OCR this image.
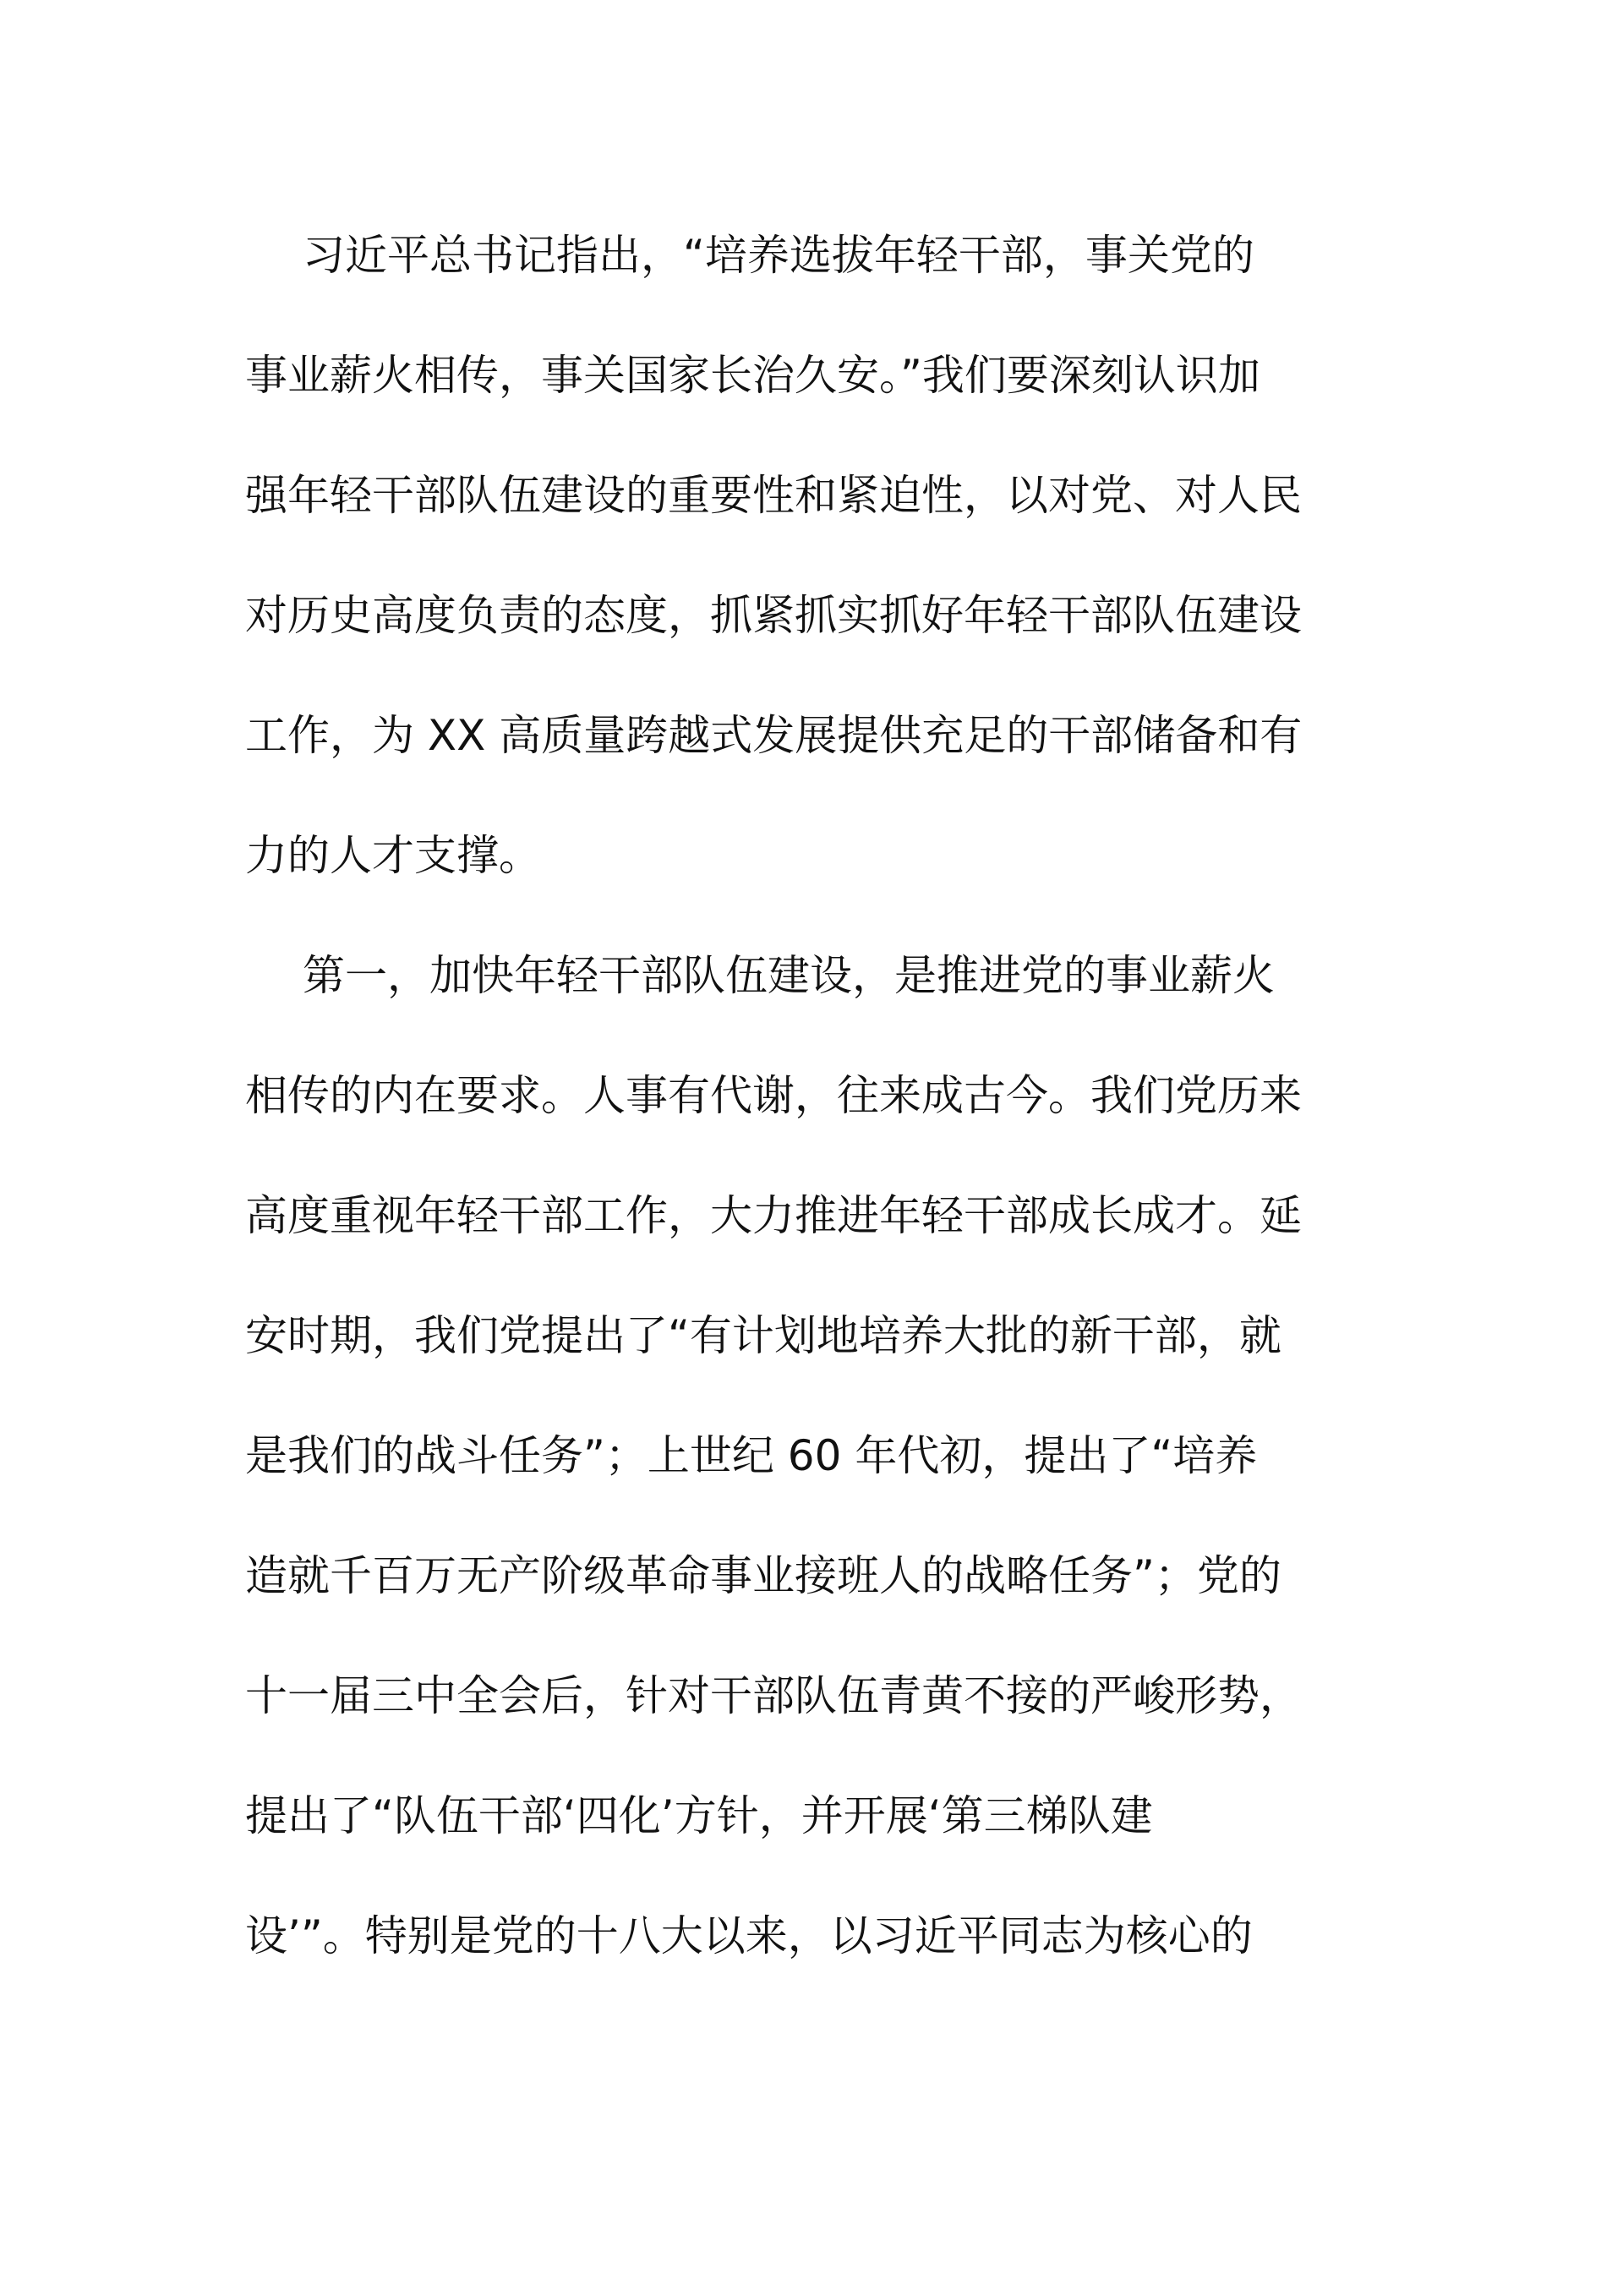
习近平总书记指出，“培养选拔年轻干部，事关党的
事业薪火相传，事关国家长治久安。”我们要深刻认识加
强年轻干部队伍建设的重要性和紧迫性，以对党、对人民
对历史高度负责的态度，抓紧抓实抓好年轻干部队伍建设
工作，为 XX 高质量跨越式发展提供充足的干部储备和有
力的人才支撑。
第一，加快年轻干部队伍建设，是推进党的事业薪火
相传的内在要求。人事有代谢，往来成古今。我们党历来
高度重视年轻干部工作，大力推进年轻干部成长成才。延
安时期，我们党提出了“有计划地培养大批的新干部，就
是我们的战斗任务”；上世纪 60 年代初，提出了“培养
造就千百万无产阶级革命事业接班人的战略任务”；党的
十一届三中全会后，针对干部队伍青黄不接的严峻形势，
提出了“队伍干部‘四化’方针，并开展‘第三梯队建
设’”。特别是党的十八大以来，以习近平同志为核心的
